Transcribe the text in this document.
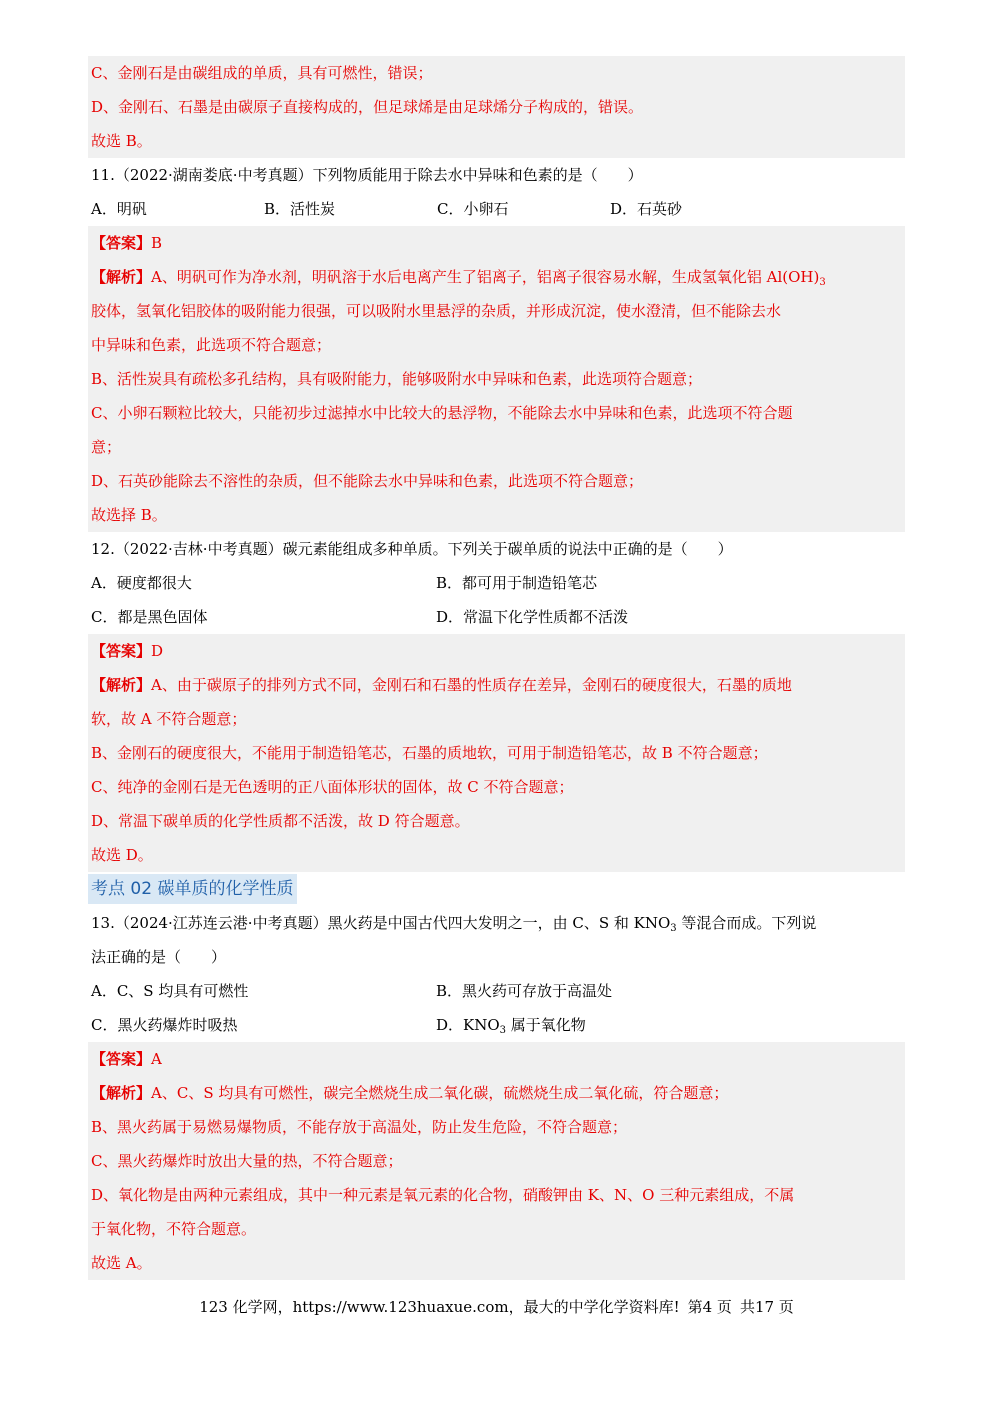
C、金刚石是由碳组成的单质，具有可燃性，错误；
D、金刚石、石墨是由碳原子直接构成的，但足球烯是由足球烯分子构成的，错误。
故选 B。
11.（2022·湖南娄底·中考真题）下列物质能用于除去水中异味和色素的是（　　）
A．明矾	B．活性炭	C．小卵石	D．石英砂
【答案】B
【解析】A、明矾可作为净水剂，明矾溶于水后电离产生了铝离子，铝离子很容易水解，生成氢氧化铝 $Al(OH)_3$
胶体，氢氧化铝胶体的吸附能力很强，可以吸附水里悬浮的杂质，并形成沉淀，使水澄清，但不能除去水
中异味和色素，此选项不符合题意；
B、活性炭具有疏松多孔结构，具有吸附能力，能够吸附水中异味和色素，此选项符合题意；
C、小卵石颗粒比较大，只能初步过滤掉水中比较大的悬浮物，不能除去水中异味和色素，此选项不符合题
意；
D、石英砂能除去不溶性的杂质，但不能除去水中异味和色素，此选项不符合题意；
故选择 B。
12.（2022·吉林·中考真题）碳元素能组成多种单质。下列关于碳单质的说法中正确的是（　　）
A．硬度都很大	B．都可用于制造铅笔芯
C．都是黑色固体	D．常温下化学性质都不活泼
【答案】D
【解析】A、由于碳原子的排列方式不同，金刚石和石墨的性质存在差异，金刚石的硬度很大，石墨的质地
软，故 A 不符合题意；
B、金刚石的硬度很大，不能用于制造铅笔芯，石墨的质地软，可用于制造铅笔芯，故 B 不符合题意；
C、纯净的金刚石是无色透明的正八面体形状的固体，故 C 不符合题意；
D、常温下碳单质的化学性质都不活泼，故 D 符合题意。
故选 D。
考点 02 碳单质的化学性质
13.（2024·江苏连云港·中考真题）黑火药是中国古代四大发明之一，由 C、S 和 $KNO_3$ 等混合而成。下列说
法正确的是（　　）
A．C、S 均具有可燃性	B．黑火药可存放于高温处
C．黑火药爆炸时吸热	D．$KNO_3$ 属于氧化物
【答案】A
【解析】A、C、S 均具有可燃性，碳完全燃烧生成二氧化碳，硫燃烧生成二氧化硫，符合题意；
B、黑火药属于易燃易爆物质，不能存放于高温处，防止发生危险，不符合题意；
C、黑火药爆炸时放出大量的热，不符合题意；
D、氧化物是由两种元素组成，其中一种元素是氧元素的化合物，硝酸钾由 K、N、O 三种元素组成，不属
于氧化物，不符合题意。
故选 A。
123 化学网，https://www.123huaxue.com，最大的中学化学资料库! 第4 页 共17 页
